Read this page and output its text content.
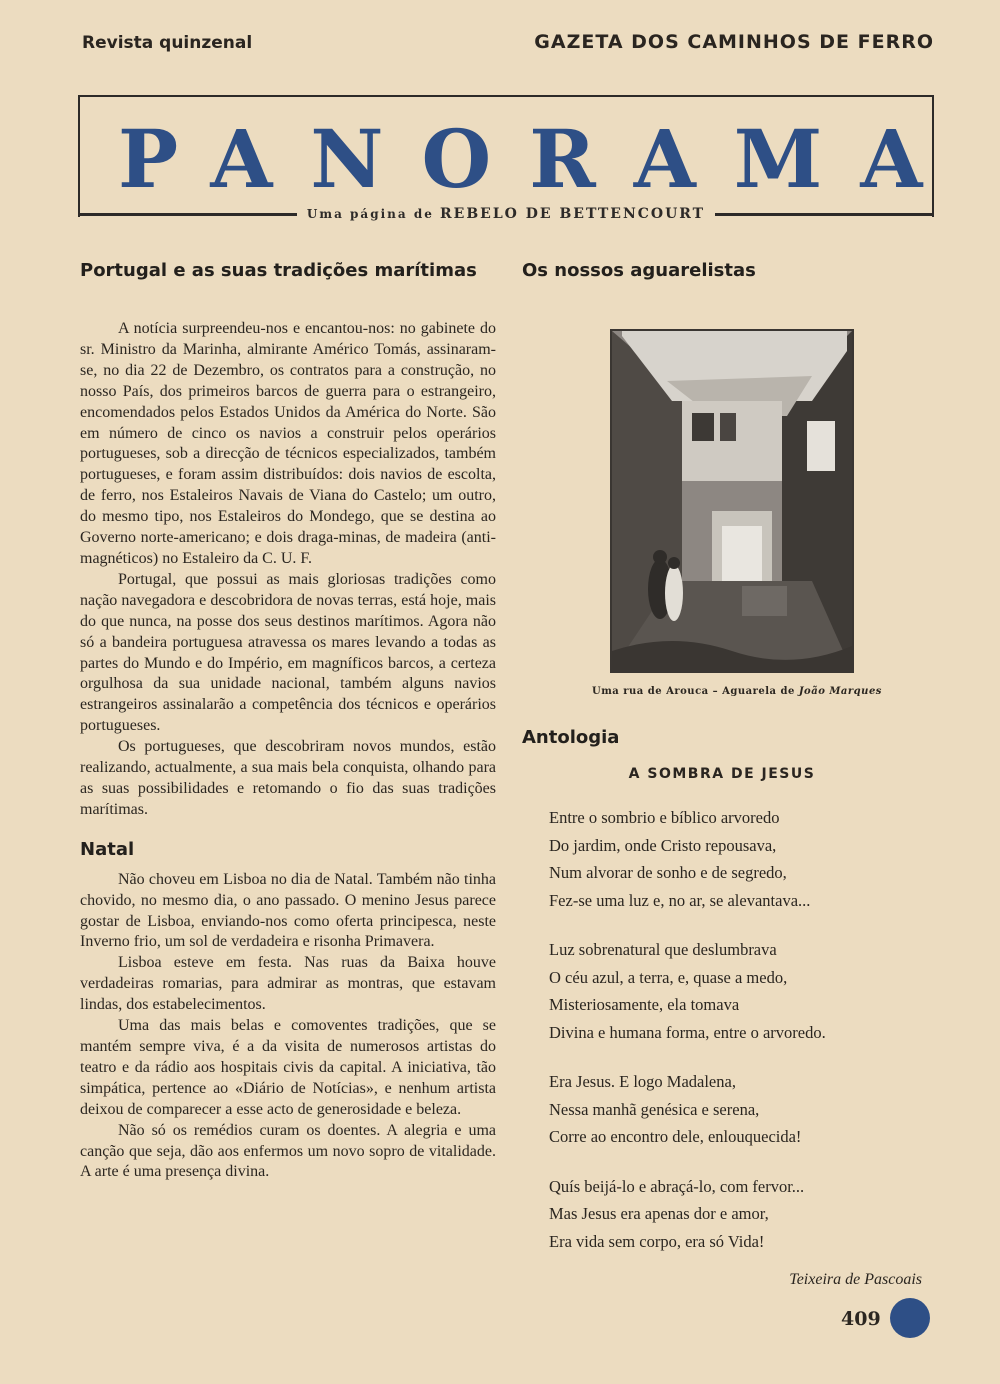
Revista quinzenal	GAZETA DOS CAMINHOS DE FERRO
PANORAMA
Uma página de REBELO DE BETTENCOURT
Portugal e as suas tradições marítimas

A notícia surpreendeu-nos e encantou-nos: no gabinete do sr. Ministro da Marinha, almirante Américo Tomás, assinaram-se, no dia 22 de Dezembro, os contratos para a construção, no nosso País, dos primeiros barcos de guerra para o estrangeiro, encomendados pelos Estados Unidos da América do Norte. São em número de cinco os navios a construir pelos operários portugueses, sob a direcção de técnicos especializados, também portugueses, e foram assim distribuídos: dois navios de escolta, de ferro, nos Estaleiros Navais de Viana do Castelo; um outro, do mesmo tipo, nos Estaleiros do Mondego, que se destina ao Governo norte-americano; e dois draga-minas, de madeira (anti-magnéticos) no Estaleiro da C. U. F.

Portugal, que possui as mais gloriosas tradições como nação navegadora e descobridora de novas terras, está hoje, mais do que nunca, na posse dos seus destinos marítimos. Agora não só a bandeira portuguesa atravessa os mares levando a todas as partes do Mundo e do Império, em magníficos barcos, a certeza orgulhosa da sua unidade nacional, também alguns navios estrangeiros assinalarão a competência dos técnicos e operários portugueses.

Os portugueses, que descobriram novos mundos, estão realizando, actualmente, a sua mais bela conquista, olhando para as suas possibilidades e retomando o fio das suas tradições marítimas.

Natal

Não choveu em Lisboa no dia de Natal. Também não tinha chovido, no mesmo dia, o ano passado. O menino Jesus parece gostar de Lisboa, enviando-nos como oferta principesca, neste Inverno frio, um sol de verdadeira e risonha Primavera.

Lisboa esteve em festa. Nas ruas da Baixa houve verdadeiras romarias, para admirar as montras, que estavam lindas, dos estabelecimentos.

Uma das mais belas e comoventes tradições, que se mantém sempre viva, é a da visita de numerosos artistas do teatro e da rádio aos hospitais civis da capital. A iniciativa, tão simpática, pertence ao «Diário de Notícias», e nenhum artista deixou de comparecer a esse acto de generosidade e beleza.

Não só os remédios curam os doentes. A alegria e uma canção que seja, dão aos enfermos um novo sopro de vitalidade. A arte é uma presença divina.

Os nossos aguarelistas
Uma rua de Arouca – Aguarela de João Marques
Antologia
A SOMBRA DE JESUS
Entre o sombrio e bíblico arvoredo
Do jardim, onde Cristo repousava,
Num alvorar de sonho e de segredo,
Fez-se uma luz e, no ar, se alevantava...
Luz sobrenatural que deslumbrava
O céu azul, a terra, e, quase a medo,
Misteriosamente, ela tomava
Divina e humana forma, entre o arvoredo.
Era Jesus. E logo Madalena,
Nessa manhã genésica e serena,
Corre ao encontro dele, enlouquecida!
Quís beijá-lo e abraçá-lo, com fervor...
Mas Jesus era apenas dor e amor,
Era vida sem corpo, era só Vida!
Teixeira de Pascoais
409
